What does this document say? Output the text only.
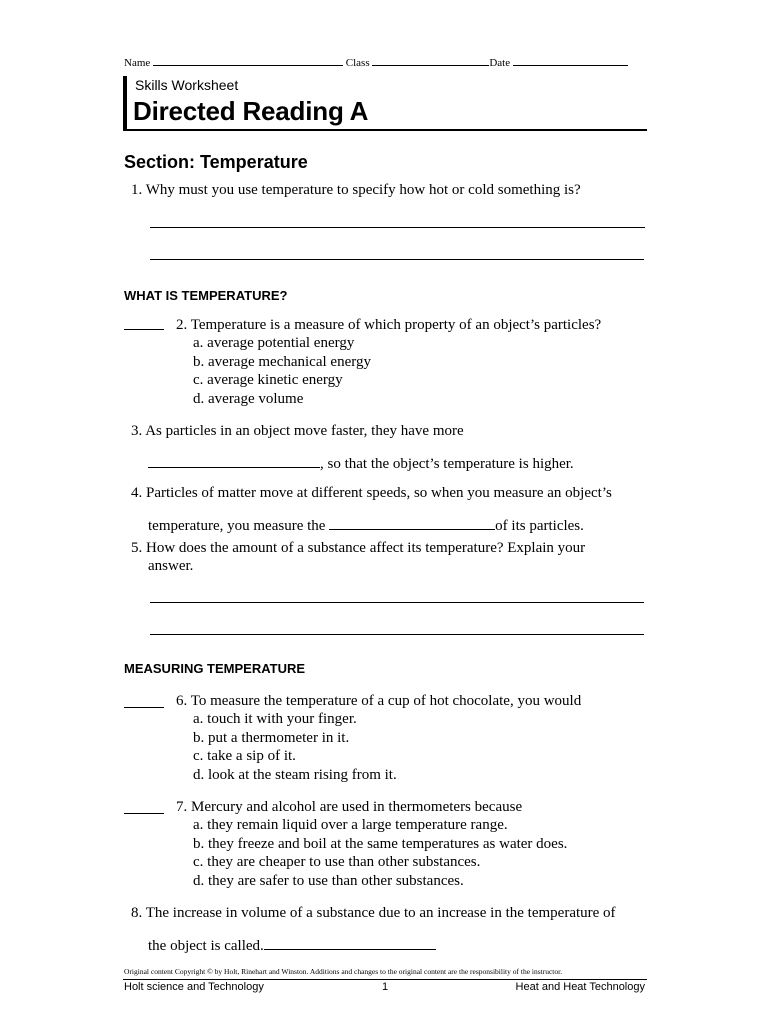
Name	Class	Date
Skills Worksheet
Directed Reading A
Section: Temperature
1. Why must you use temperature to specify how hot or cold something is?
WHAT IS TEMPERATURE?
2. Temperature is a measure of which property of an object’s particles?
a. average potential energy
b. average mechanical energy
c. average kinetic energy
d. average volume
3. As particles in an object move faster, they have more
, so that the object’s temperature is higher.
4. Particles of matter move at different speeds, so when you measure an object’s
temperature, you measure the	of its particles.
5. How does the amount of a substance affect its temperature? Explain your
answer.
MEASURING TEMPERATURE
6. To measure the temperature of a cup of hot chocolate, you would
a. touch it with your finger.
b. put a thermometer in it.
c. take a sip of it.
d. look at the steam rising from it.
7. Mercury and alcohol are used in thermometers because
a. they remain liquid over a large temperature range.
b. they freeze and boil at the same temperatures as water does.
c. they are cheaper to use than other substances.
d. they are safer to use than other substances.
8. The increase in volume of a substance due to an increase in the temperature of
the object is called.
Original content Copyright © by Holt, Rinehart and Winston. Additions and changes to the original content are the responsibility of the instructor.
Holt science and Technology	1	Heat and Heat Technology
